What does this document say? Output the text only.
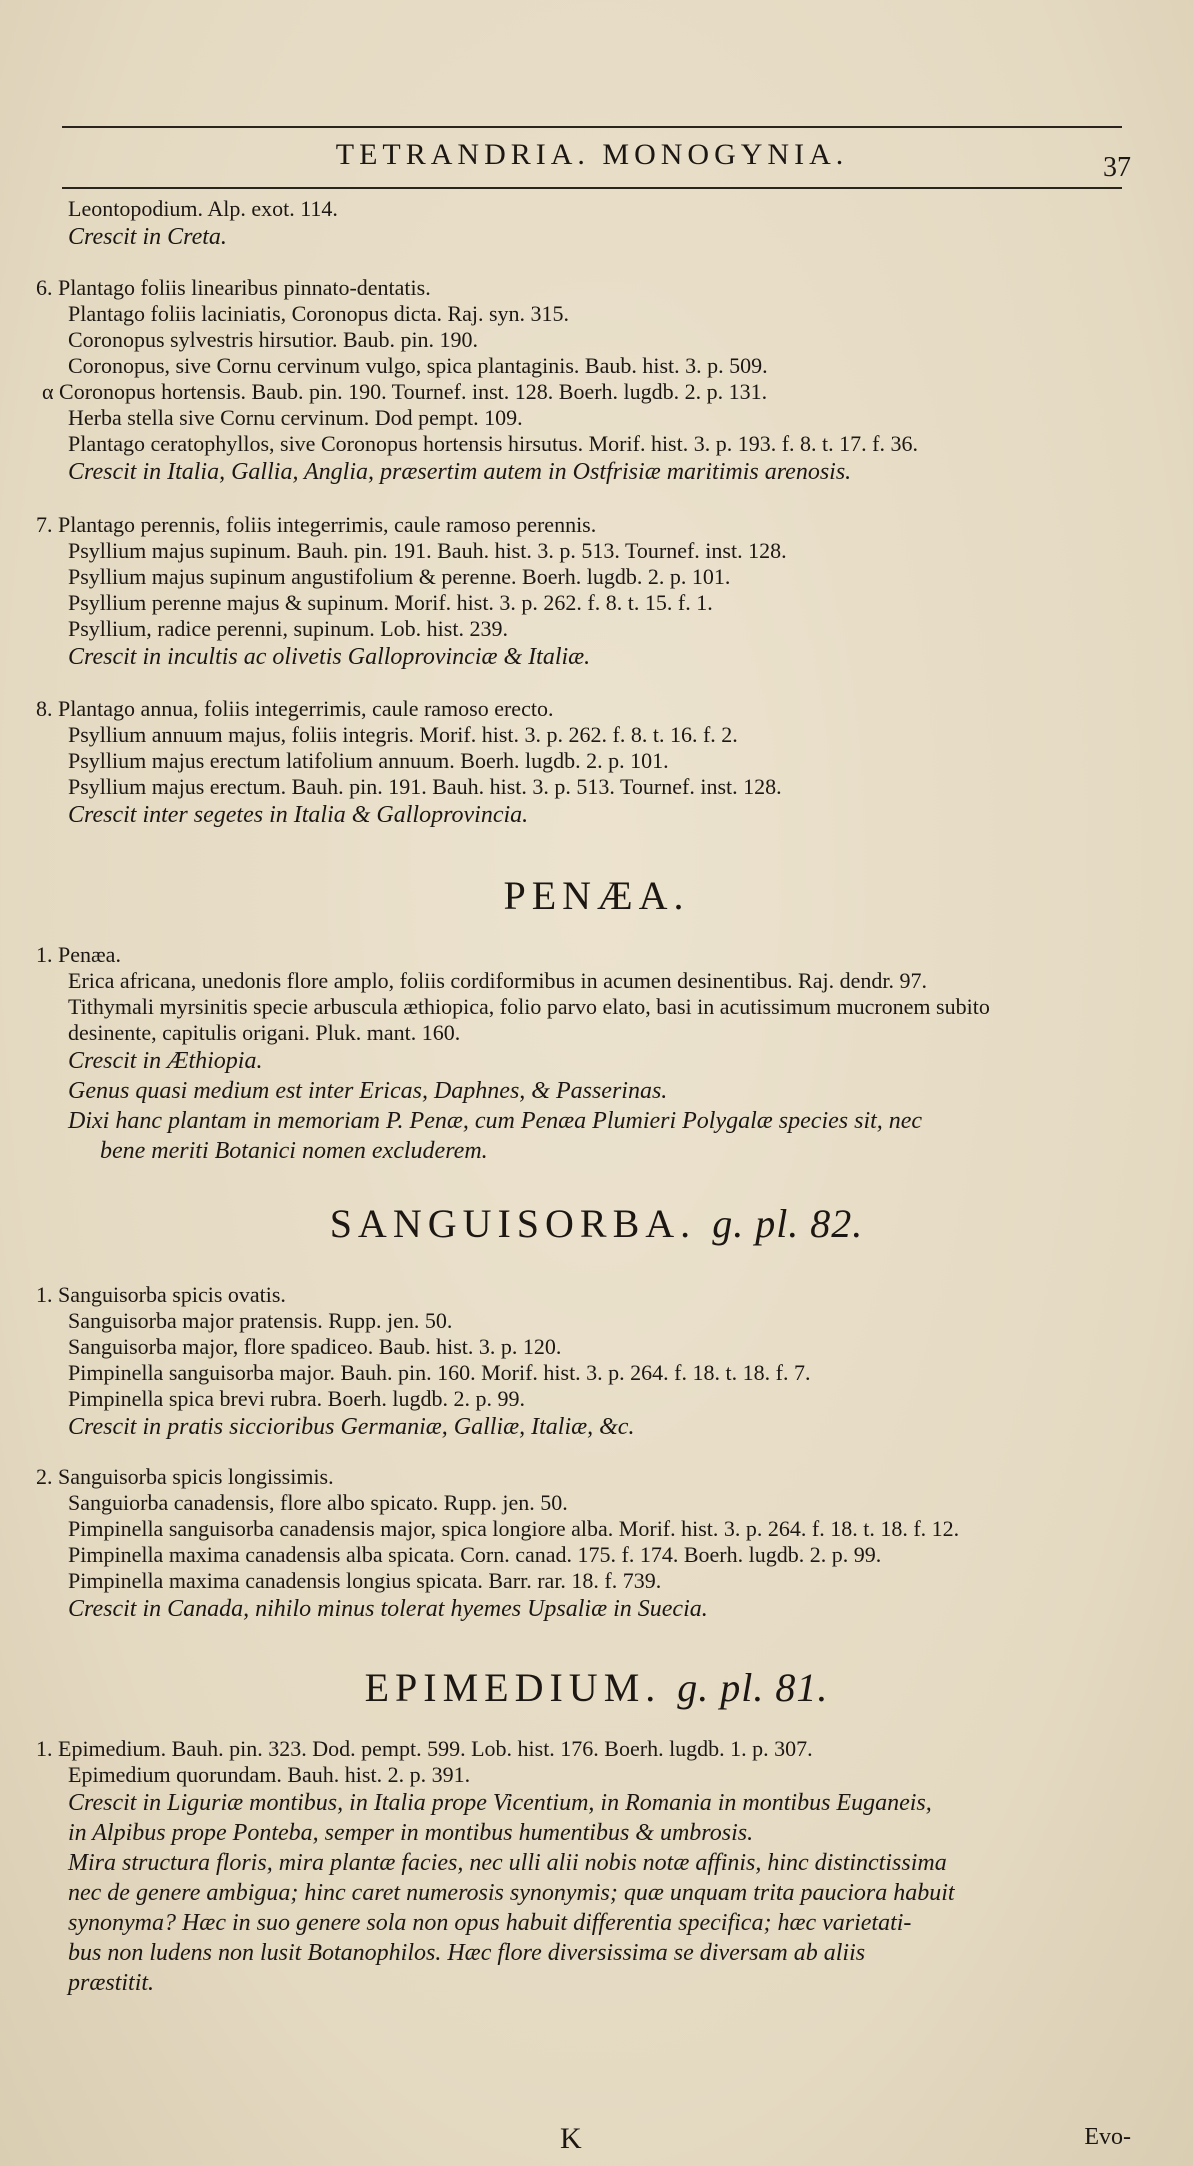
TETRANDRIA. MONOGYNIA.	37
Leontopodium. Alp. exot. 114.
Crescit in Creta.
6. Plantago foliis linearibus pinnato-dentatis.
Plantago foliis laciniatis, Coronopus dicta. Raj. syn. 315.
Coronopus sylvestris hirsutior. Baub. pin. 190.
Coronopus, sive Cornu cervinum vulgo, spica plantaginis. Baub. hist. 3. p. 509.
α Coronopus hortensis. Baub. pin. 190. Tournef. inst. 128. Boerh. lugdb. 2. p. 131.
Herba stella sive Cornu cervinum. Dod pempt. 109.
Plantago ceratophyllos, sive Coronopus hortensis hirsutus. Morif. hist. 3. p. 193. f. 8. t. 17. f. 36.
Crescit in Italia, Gallia, Anglia, præsertim autem in Ostfrisiæ maritimis arenosis.
7. Plantago perennis, foliis integerrimis, caule ramoso perennis.
Psyllium majus supinum. Bauh. pin. 191. Bauh. hist. 3. p. 513. Tournef. inst. 128.
Psyllium majus supinum angustifolium & perenne. Boerh. lugdb. 2. p. 101.
Psyllium perenne majus & supinum. Morif. hist. 3. p. 262. f. 8. t. 15. f. 1.
Psyllium, radice perenni, supinum. Lob. hist. 239.
Crescit in incultis ac olivetis Galloprovinciæ & Italiæ.
8. Plantago annua, foliis integerrimis, caule ramoso erecto.
Psyllium annuum majus, foliis integris. Morif. hist. 3. p. 262. f. 8. t. 16. f. 2.
Psyllium majus erectum latifolium annuum. Boerh. lugdb. 2. p. 101.
Psyllium majus erectum. Bauh. pin. 191. Bauh. hist. 3. p. 513. Tournef. inst. 128.
Crescit inter segetes in Italia & Galloprovincia.
PENÆA.
1. Penæa.
Erica africana, unedonis flore amplo, foliis cordiformibus in acumen desinentibus. Raj. dendr. 97.
Tithymali myrsinitis specie arbuscula æthiopica, folio parvo elato, basi in acutissimum mucronem subito
desinente, capitulis origani. Pluk. mant. 160.
Crescit in Æthiopia.
Genus quasi medium est inter Ericas, Daphnes, & Passerinas.
Dixi hanc plantam in memoriam P. Penæ, cum Penæa Plumieri Polygalæ species sit, nec
bene meriti Botanici nomen excluderem.
SANGUISORBA. g. pl. 82.
1. Sanguisorba spicis ovatis.
Sanguisorba major pratensis. Rupp. jen. 50.
Sanguisorba major, flore spadiceo. Baub. hist. 3. p. 120.
Pimpinella sanguisorba major. Bauh. pin. 160. Morif. hist. 3. p. 264. f. 18. t. 18. f. 7.
Pimpinella spica brevi rubra. Boerh. lugdb. 2. p. 99.
Crescit in pratis siccioribus Germaniæ, Galliæ, Italiæ, &c.
2. Sanguisorba spicis longissimis.
Sanguiorba canadensis, flore albo spicato. Rupp. jen. 50.
Pimpinella sanguisorba canadensis major, spica longiore alba. Morif. hist. 3. p. 264. f. 18. t. 18. f. 12.
Pimpinella maxima canadensis alba spicata. Corn. canad. 175. f. 174. Boerh. lugdb. 2. p. 99.
Pimpinella maxima canadensis longius spicata. Barr. rar. 18. f. 739.
Crescit in Canada, nihilo minus tolerat hyemes Upsaliæ in Suecia.
EPIMEDIUM. g. pl. 81.
1. Epimedium. Bauh. pin. 323. Dod. pempt. 599. Lob. hist. 176. Boerh. lugdb. 1. p. 307.
Epimedium quorundam. Bauh. hist. 2. p. 391.
Crescit in Liguriæ montibus, in Italia prope Vicentium, in Romania in montibus Euganeis,
in Alpibus prope Ponteba, semper in montibus humentibus & umbrosis.
Mira structura floris, mira plantæ facies, nec ulli alii nobis notæ affinis, hinc distinctissima
nec de genere ambigua; hinc caret numerosis synonymis; quæ unquam trita pauciora habuit
synonyma? Hæc in suo genere sola non opus habuit differentia specifica; hæc varietati-
bus non ludens non lusit Botanophilos. Hæc flore diversissima se diversam ab aliis
præstitit.
K	Evo-
